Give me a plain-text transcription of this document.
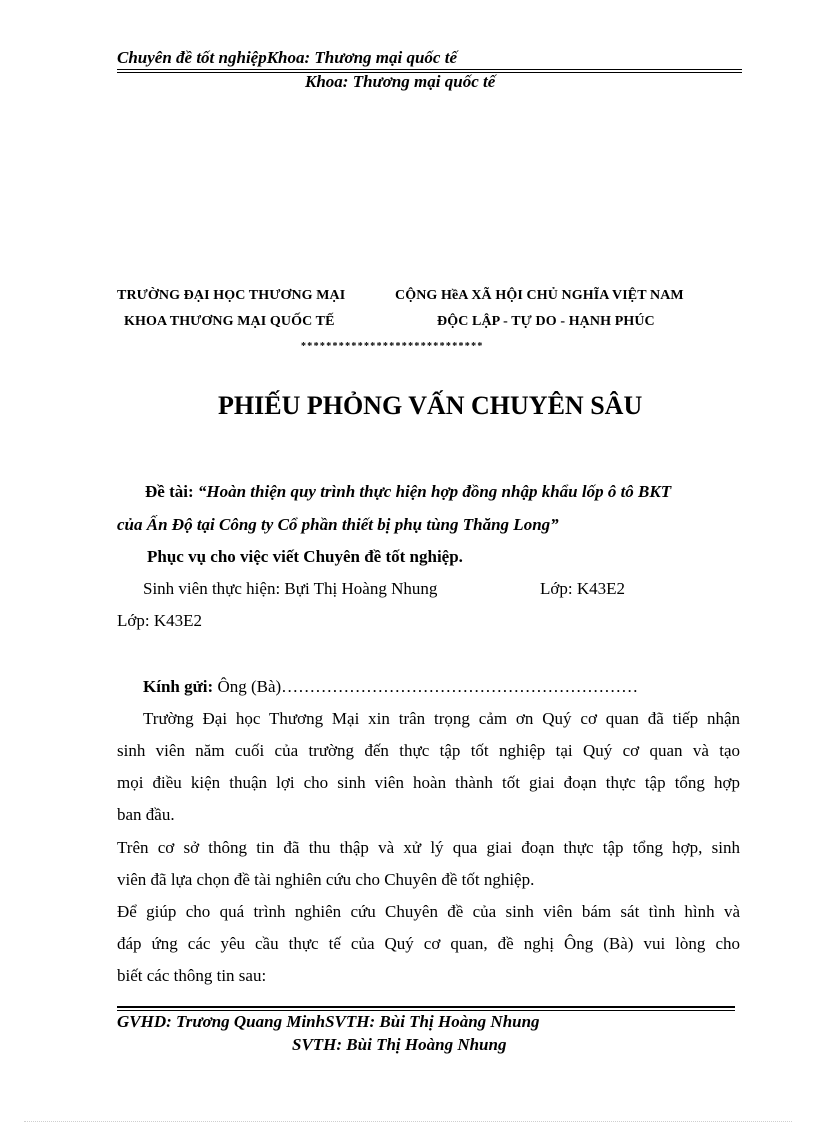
Chuyên đề tốt nghiệpKhoa: Thương mại quốc tế
Khoa: Thương mại quốc tế
TRƯỜNG ĐẠI HỌC THƯƠNG MẠI
KHOA THƯƠNG MẠI QUỐC TẾ
CỘNG HềA XÃ HỘI CHỦ NGHĨA VIỆT NAM
ĐỘC LẬP - TỰ DO - HẠNH PHÚC
*****************************
PHIẾU PHỎNG VẤN CHUYÊN SÂU
Đề tài: “Hoàn thiện quy trình thực hiện hợp đồng nhập khẩu lốp ô tô BKT
của Ấn Độ tại Công ty Cổ phần thiết bị phụ tùng Thăng Long”
Phục vụ cho việc viết Chuyên đề tốt nghiệp.
Sinh viên thực hiện: Bựi Thị Hoàng Nhung	Lớp: K43E2
Lớp: K43E2
Kính gửi: Ông (Bà)………………………………………………………
Trường Đại học Thương Mại xin trân trọng cảm ơn Quý cơ quan đã tiếp nhận
sinh viên năm cuối của trường đến thực tập tốt nghiệp tại Quý cơ quan và tạo
mọi điều kiện thuận lợi cho sinh viên hoàn thành tốt giai đoạn thực tập tổng hợp
ban đầu.
Trên cơ sở thông tin đã thu thập và xử lý qua giai đoạn thực tập tổng hợp, sinh
viên đã lựa chọn đề tài nghiên cứu cho Chuyên đề tốt nghiệp.
Để giúp cho quá trình nghiên cứu Chuyên đề của sinh viên bám sát tình hình và
đáp ứng các yêu cầu thực tế của Quý cơ quan, đề nghị Ông (Bà) vui lòng cho
biết các thông tin sau:
GVHD: Trương Quang MinhSVTH: Bùi Thị Hoàng Nhung
SVTH: Bùi Thị Hoàng Nhung
